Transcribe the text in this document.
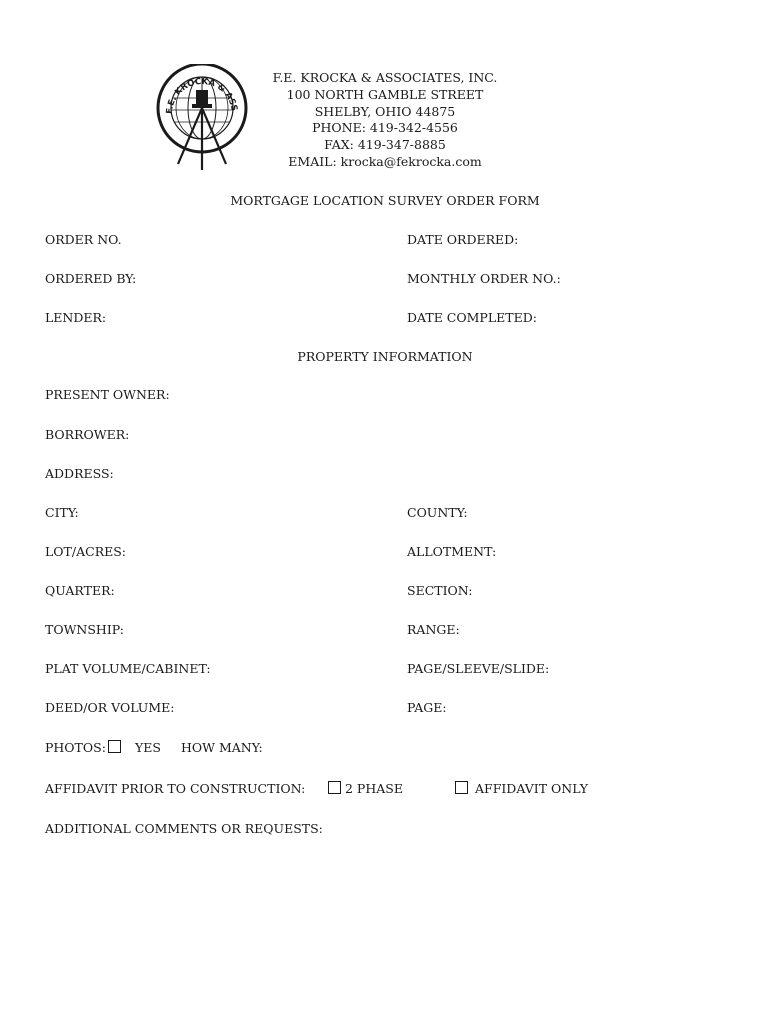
F.E. KROCKA & ASS
F.E. KROCKA & ASSOCIATES, INC.
100 NORTH GAMBLE STREET
SHELBY, OHIO 44875
PHONE: 419-342-4556
FAX: 419-347-8885
EMAIL: krocka@fekrocka.com
MORTGAGE LOCATION SURVEY ORDER FORM
ORDER NO.	DATE ORDERED:
ORDERED BY:	MONTHLY ORDER NO.:
LENDER:	DATE COMPLETED:
PROPERTY INFORMATION
PRESENT OWNER:
BORROWER:
ADDRESS:
CITY:	COUNTY:
LOT/ACRES:	ALLOTMENT:
QUARTER:	SECTION:
TOWNSHIP:	RANGE:
PLAT VOLUME/CABINET:	PAGE/SLEEVE/SLIDE:
DEED/OR VOLUME:	PAGE:
PHOTOS: YES HOW MANY:
AFFIDAVIT PRIOR TO CONSTRUCTION:	2 PHASE	AFFIDAVIT ONLY
ADDITIONAL COMMENTS OR REQUESTS:
